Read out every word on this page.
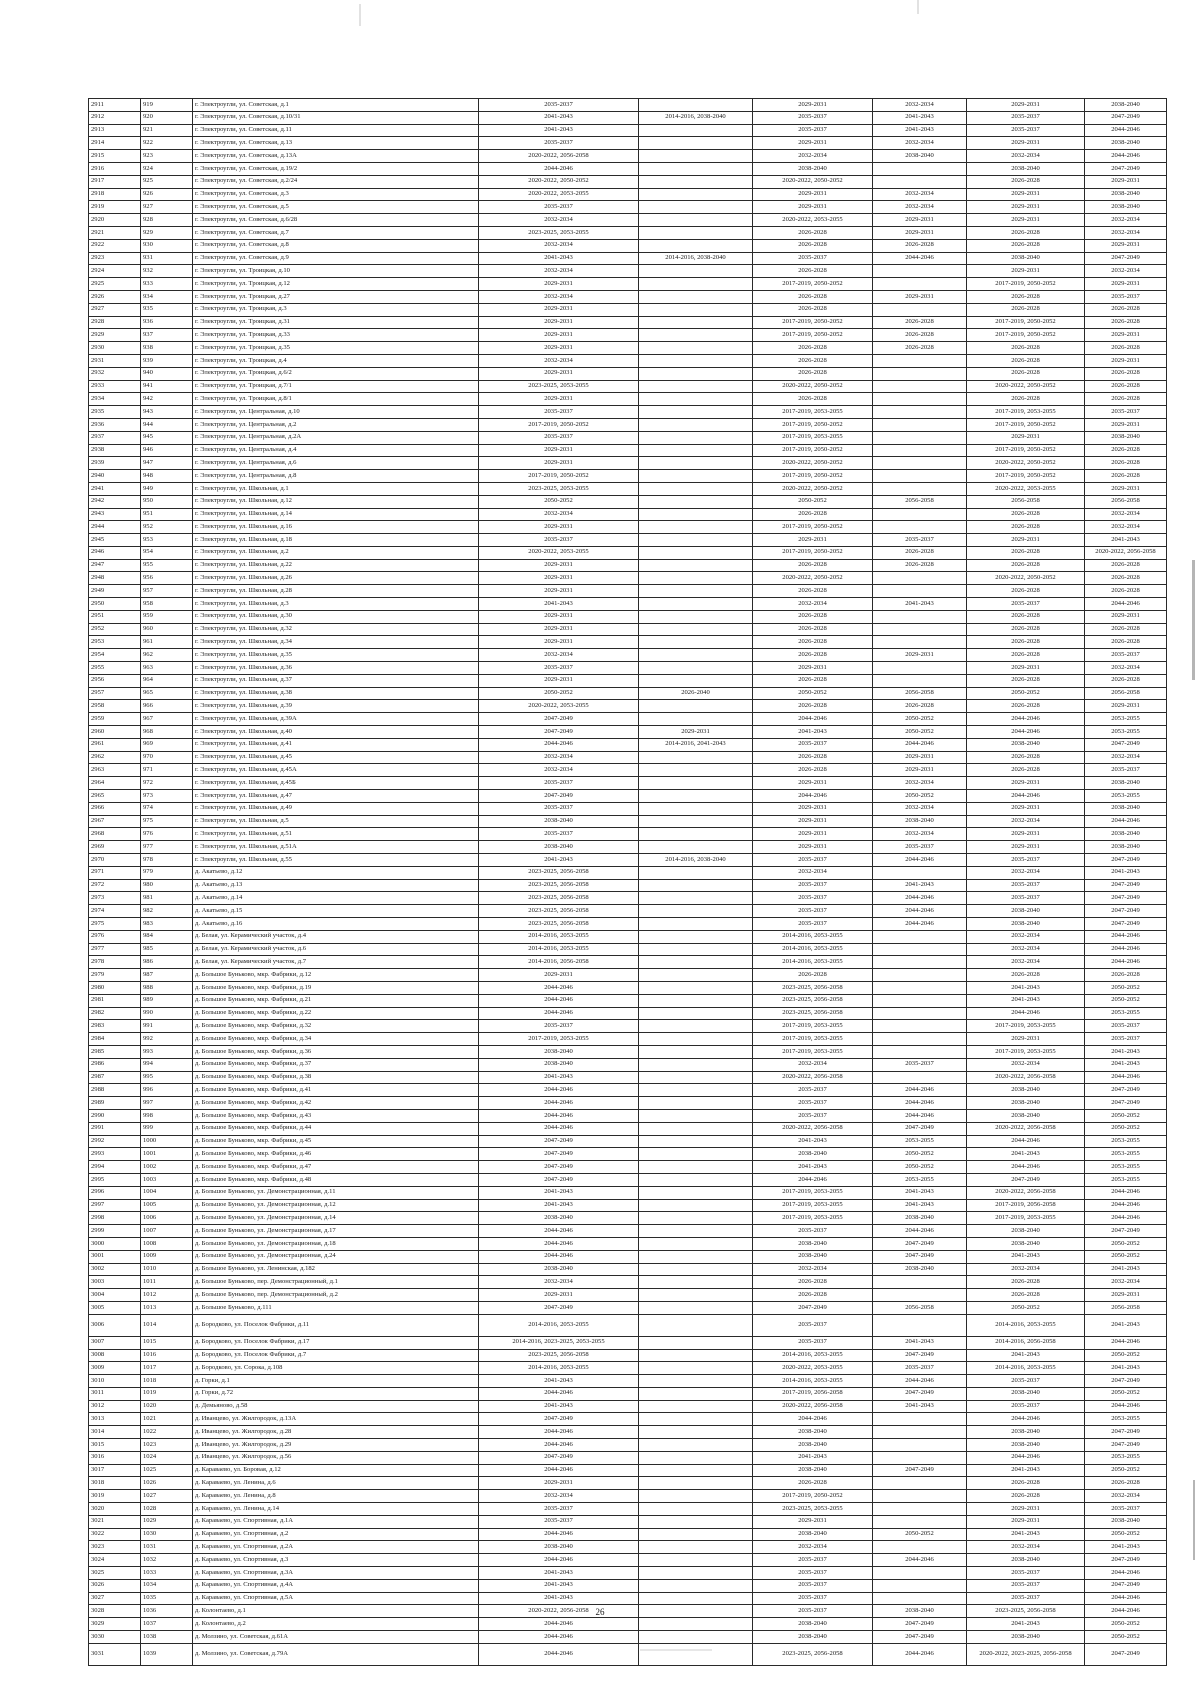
2911	919	г. Электроугли, ул. Советская, д.1	2035-2037		2029-2031	2032-2034	2029-2031	2038-2040
2912	920	г. Электроугли, ул. Советская, д.10/31	2041-2043	2014-2016, 2038-2040	2035-2037	2041-2043	2035-2037	2047-2049
2913	921	г. Электроугли, ул. Советская, д.11	2041-2043		2035-2037	2041-2043	2035-2037	2044-2046
2914	922	г. Электроугли, ул. Советская, д.13	2035-2037		2029-2031	2032-2034	2029-2031	2038-2040
2915	923	г. Электроугли, ул. Советская, д.13А	2020-2022, 2056-2058		2032-2034	2038-2040	2032-2034	2044-2046
2916	924	г. Электроугли, ул. Советская, д.19/2	2044-2046		2038-2040		2038-2040	2047-2049
2917	925	г. Электроугли, ул. Советская, д.2/24	2020-2022, 2050-2052		2020-2022, 2050-2052		2026-2028	2029-2031
2918	926	г. Электроугли, ул. Советская, д.3	2020-2022, 2053-2055		2029-2031	2032-2034	2029-2031	2038-2040
2919	927	г. Электроугли, ул. Советская, д.5	2035-2037		2029-2031	2032-2034	2029-2031	2038-2040
2920	928	г. Электроугли, ул. Советская, д.6/28	2032-2034		2020-2022, 2053-2055	2029-2031	2029-2031	2032-2034
2921	929	г. Электроугли, ул. Советская, д.7	2023-2025, 2053-2055		2026-2028	2029-2031	2026-2028	2032-2034
2922	930	г. Электроугли, ул. Советская, д.8	2032-2034		2026-2028	2026-2028	2026-2028	2029-2031
2923	931	г. Электроугли, ул. Советская, д.9	2041-2043	2014-2016, 2038-2040	2035-2037	2044-2046	2038-2040	2047-2049
2924	932	г. Электроугли, ул. Троицкая, д.10	2032-2034		2026-2028		2029-2031	2032-2034
2925	933	г. Электроугли, ул. Троицкая, д.12	2029-2031		2017-2019, 2050-2052		2017-2019, 2050-2052	2029-2031
2926	934	г. Электроугли, ул. Троицкая, д.27	2032-2034		2026-2028	2029-2031	2026-2028	2035-2037
2927	935	г. Электроугли, ул. Троицкая, д.3	2029-2031		2026-2028		2026-2028	2026-2028
2928	936	г. Электроугли, ул. Троицкая, д.31	2029-2031		2017-2019, 2050-2052	2026-2028	2017-2019, 2050-2052	2026-2028
2929	937	г. Электроугли, ул. Троицкая, д.33	2029-2031		2017-2019, 2050-2052	2026-2028	2017-2019, 2050-2052	2029-2031
2930	938	г. Электроугли, ул. Троицкая, д.35	2029-2031		2026-2028	2026-2028	2026-2028	2026-2028
2931	939	г. Электроугли, ул. Троицкая, д.4	2032-2034		2026-2028		2026-2028	2029-2031
2932	940	г. Электроугли, ул. Троицкая, д.6/2	2029-2031		2026-2028		2026-2028	2026-2028
2933	941	г. Электроугли, ул. Троицкая, д.7/1	2023-2025, 2053-2055		2020-2022, 2050-2052		2020-2022, 2050-2052	2026-2028
2934	942	г. Электроугли, ул. Троицкая, д.8/1	2029-2031		2026-2028		2026-2028	2026-2028
2935	943	г. Электроугли, ул. Центральная, д.10	2035-2037		2017-2019, 2053-2055		2017-2019, 2053-2055	2035-2037
2936	944	г. Электроугли, ул. Центральная, д.2	2017-2019, 2050-2052		2017-2019, 2050-2052		2017-2019, 2050-2052	2029-2031
2937	945	г. Электроугли, ул. Центральная, д.2А	2035-2037		2017-2019, 2053-2055		2029-2031	2038-2040
2938	946	г. Электроугли, ул. Центральная, д.4	2029-2031		2017-2019, 2050-2052		2017-2019, 2050-2052	2026-2028
2939	947	г. Электроугли, ул. Центральная, д.6	2029-2031		2020-2022, 2050-2052		2020-2022, 2050-2052	2026-2028
2940	948	г. Электроугли, ул. Центральная, д.8	2017-2019, 2050-2052		2017-2019, 2050-2052		2017-2019, 2050-2052	2026-2028
2941	949	г. Электроугли, ул. Школьная, д.1	2023-2025, 2053-2055		2020-2022, 2050-2052		2020-2022, 2053-2055	2029-2031
2942	950	г. Электроугли, ул. Школьная, д.12	2050-2052		2050-2052	2056-2058	2056-2058	2056-2058
2943	951	г. Электроугли, ул. Школьная, д.14	2032-2034		2026-2028		2026-2028	2032-2034
2944	952	г. Электроугли, ул. Школьная, д.16	2029-2031		2017-2019, 2050-2052		2026-2028	2032-2034
2945	953	г. Электроугли, ул. Школьная, д.18	2035-2037		2029-2031	2035-2037	2029-2031	2041-2043
2946	954	г. Электроугли, ул. Школьная, д.2	2020-2022, 2053-2055		2017-2019, 2050-2052	2026-2028	2026-2028	2020-2022, 2056-2058
2947	955	г. Электроугли, ул. Школьная, д.22	2029-2031		2026-2028	2026-2028	2026-2028	2026-2028
2948	956	г. Электроугли, ул. Школьная, д.26	2029-2031		2020-2022, 2050-2052		2020-2022, 2050-2052	2026-2028
2949	957	г. Электроугли, ул. Школьная, д.28	2029-2031		2026-2028		2026-2028	2026-2028
2950	958	г. Электроугли, ул. Школьная, д.3	2041-2043		2032-2034	2041-2043	2035-2037	2044-2046
2951	959	г. Электроугли, ул. Школьная, д.30	2029-2031		2026-2028		2026-2028	2029-2031
2952	960	г. Электроугли, ул. Школьная, д.32	2029-2031		2026-2028		2026-2028	2026-2028
2953	961	г. Электроугли, ул. Школьная, д.34	2029-2031		2026-2028		2026-2028	2026-2028
2954	962	г. Электроугли, ул. Школьная, д.35	2032-2034		2026-2028	2029-2031	2026-2028	2035-2037
2955	963	г. Электроугли, ул. Школьная, д.36	2035-2037		2029-2031		2029-2031	2032-2034
2956	964	г. Электроугли, ул. Школьная, д.37	2029-2031		2026-2028		2026-2028	2026-2028
2957	965	г. Электроугли, ул. Школьная, д.38	2050-2052	2026-2040	2050-2052	2056-2058	2050-2052	2056-2058
2958	966	г. Электроугли, ул. Школьная, д.39	2020-2022, 2053-2055		2026-2028	2026-2028	2026-2028	2029-2031
2959	967	г. Электроугли, ул. Школьная, д.39А	2047-2049		2044-2046	2050-2052	2044-2046	2053-2055
2960	968	г. Электроугли, ул. Школьная, д.40	2047-2049	2029-2031	2041-2043	2050-2052	2044-2046	2053-2055
2961	969	г. Электроугли, ул. Школьная, д.41	2044-2046	2014-2016, 2041-2043	2035-2037	2044-2046	2038-2040	2047-2049
2962	970	г. Электроугли, ул. Школьная, д.45	2032-2034		2026-2028	2029-2031	2026-2028	2032-2034
2963	971	г. Электроугли, ул. Школьная, д.45А	2032-2034		2026-2028	2029-2031	2026-2028	2035-2037
2964	972	г. Электроугли, ул. Школьная, д.45Б	2035-2037		2029-2031	2032-2034	2029-2031	2038-2040
2965	973	г. Электроугли, ул. Школьная, д.47	2047-2049		2044-2046	2050-2052	2044-2046	2053-2055
2966	974	г. Электроугли, ул. Школьная, д.49	2035-2037		2029-2031	2032-2034	2029-2031	2038-2040
2967	975	г. Электроугли, ул. Школьная, д.5	2038-2040		2029-2031	2038-2040	2032-2034	2044-2046
2968	976	г. Электроугли, ул. Школьная, д.51	2035-2037		2029-2031	2032-2034	2029-2031	2038-2040
2969	977	г. Электроугли, ул. Школьная, д.51А	2038-2040		2029-2031	2035-2037	2029-2031	2038-2040
2970	978	г. Электроугли, ул. Школьная, д.55	2041-2043	2014-2016, 2038-2040	2035-2037	2044-2046	2035-2037	2047-2049
2971	979	д. Акатьево, д.12	2023-2025, 2056-2058		2032-2034		2032-2034	2041-2043
2972	980	д. Акатьево, д.13	2023-2025, 2056-2058		2035-2037	2041-2043	2035-2037	2047-2049
2973	981	д. Акатьево, д.14	2023-2025, 2056-2058		2035-2037	2044-2046	2035-2037	2047-2049
2974	982	д. Акатьево, д.15	2023-2025, 2056-2058		2035-2037	2044-2046	2038-2040	2047-2049
2975	983	д. Акатьево, д.16	2023-2025, 2056-2058		2035-2037	2044-2046	2038-2040	2047-2049
2976	984	д. Белая, ул. Керамический участок, д.4	2014-2016, 2053-2055		2014-2016, 2053-2055		2032-2034	2044-2046
2977	985	д. Белая, ул. Керамический участок, д.6	2014-2016, 2053-2055		2014-2016, 2053-2055		2032-2034	2044-2046
2978	986	д. Белая, ул. Керамический участок, д.7	2014-2016, 2056-2058		2014-2016, 2053-2055		2032-2034	2044-2046
2979	987	д. Большое Буньково, мкр. Фабрики, д.12	2029-2031		2026-2028		2026-2028	2026-2028
2980	988	д. Большое Буньково, мкр. Фабрики, д.19	2044-2046		2023-2025, 2056-2058		2041-2043	2050-2052
2981	989	д. Большое Буньково, мкр. Фабрики, д.21	2044-2046		2023-2025, 2056-2058		2041-2043	2050-2052
2982	990	д. Большое Буньково, мкр. Фабрики, д.22	2044-2046		2023-2025, 2056-2058		2044-2046	2053-2055
2983	991	д. Большое Буньково, мкр. Фабрики, д.32	2035-2037		2017-2019, 2053-2055		2017-2019, 2053-2055	2035-2037
2984	992	д. Большое Буньково, мкр. Фабрики, д.34	2017-2019, 2053-2055		2017-2019, 2053-2055		2029-2031	2035-2037
2985	993	д. Большое Буньково, мкр. Фабрики, д.36	2038-2040		2017-2019, 2053-2055		2017-2019, 2053-2055	2041-2043
2986	994	д. Большое Буньково, мкр. Фабрики, д.37	2038-2040		2032-2034	2035-2037	2032-2034	2041-2043
2987	995	д. Большое Буньково, мкр. Фабрики, д.38	2041-2043		2020-2022, 2056-2058		2020-2022, 2056-2058	2044-2046
2988	996	д. Большое Буньково, мкр. Фабрики, д.41	2044-2046		2035-2037	2044-2046	2038-2040	2047-2049
2989	997	д. Большое Буньково, мкр. Фабрики, д.42	2044-2046		2035-2037	2044-2046	2038-2040	2047-2049
2990	998	д. Большое Буньково, мкр. Фабрики, д.43	2044-2046		2035-2037	2044-2046	2038-2040	2050-2052
2991	999	д. Большое Буньково, мкр. Фабрики, д.44	2044-2046		2020-2022, 2056-2058	2047-2049	2020-2022, 2056-2058	2050-2052
2992	1000	д. Большое Буньково, мкр. Фабрики, д.45	2047-2049		2041-2043	2053-2055	2044-2046	2053-2055
2993	1001	д. Большое Буньково, мкр. Фабрики, д.46	2047-2049		2038-2040	2050-2052	2041-2043	2053-2055
2994	1002	д. Большое Буньково, мкр. Фабрики, д.47	2047-2049		2041-2043	2050-2052	2044-2046	2053-2055
2995	1003	д. Большое Буньково, мкр. Фабрики, д.48	2047-2049		2044-2046	2053-2055	2047-2049	2053-2055
2996	1004	д. Большое Буньково, ул. Демонстрационная, д.11	2041-2043		2017-2019, 2053-2055	2041-2043	2020-2022, 2056-2058	2044-2046
2997	1005	д. Большое Буньково, ул. Демонстрационная, д.12	2041-2043		2017-2019, 2053-2055	2041-2043	2017-2019, 2056-2058	2044-2046
2998	1006	д. Большое Буньково, ул. Демонстрационная, д.14	2038-2040		2017-2019, 2053-2055	2038-2040	2017-2019, 2053-2055	2044-2046
2999	1007	д. Большое Буньково, ул. Демонстрационная, д.17	2044-2046		2035-2037	2044-2046	2038-2040	2047-2049
3000	1008	д. Большое Буньково, ул. Демонстрационная, д.18	2044-2046		2038-2040	2047-2049	2038-2040	2050-2052
3001	1009	д. Большое Буньково, ул. Демонстрационная, д.24	2044-2046		2038-2040	2047-2049	2041-2043	2050-2052
3002	1010	д. Большое Буньково, ул. Ленинская, д.182	2038-2040		2032-2034	2038-2040	2032-2034	2041-2043
3003	1011	д. Большое Буньково, пер. Демонстрационный, д.1	2032-2034		2026-2028		2026-2028	2032-2034
3004	1012	д. Большое Буньково, пер. Демонстрационный, д.2	2029-2031		2026-2028		2026-2028	2029-2031
3005	1013	д. Большое Буньково, д.111	2047-2049		2047-2049	2056-2058	2050-2052	2056-2058
3006	1014	д. Бородково, ул. Поселок Фабрики, д.11	2014-2016, 2053-2055		2035-2037		2014-2016, 2053-2055	2041-2043
3007	1015	д. Бородково, ул. Поселок Фабрики, д.17	2014-2016, 2023-2025, 2053-2055		2035-2037	2041-2043	2014-2016, 2056-2058	2044-2046
3008	1016	д. Бородково, ул. Поселок Фабрики, д.7	2023-2025, 2056-2058		2014-2016, 2053-2055	2047-2049	2041-2043	2050-2052
3009	1017	д. Бородково, ул. Сорока, д.108	2014-2016, 2053-2055		2020-2022, 2053-2055	2035-2037	2014-2016, 2053-2055	2041-2043
3010	1018	д. Горки, д.1	2041-2043		2014-2016, 2053-2055	2044-2046	2035-2037	2047-2049
3011	1019	д. Горки, д.72	2044-2046		2017-2019, 2056-2058	2047-2049	2038-2040	2050-2052
3012	1020	д. Демьяново, д.58	2041-2043		2020-2022, 2056-2058	2041-2043	2035-2037	2044-2046
3013	1021	д. Иванцево, ул. Жилгородок, д.13А	2047-2049		2044-2046		2044-2046	2053-2055
3014	1022	д. Иванцево, ул. Жилгородок, д.28	2044-2046		2038-2040		2038-2040	2047-2049
3015	1023	д. Иванцево, ул. Жилгородок, д.29	2044-2046		2038-2040		2038-2040	2047-2049
3016	1024	д. Иванцево, ул. Жилгородок, д.56	2047-2049		2041-2043		2044-2046	2053-2055
3017	1025	д. Караваево, ул. Боровая, д.12	2044-2046		2038-2040	2047-2049	2041-2043	2050-2052
3018	1026	д. Караваево, ул. Ленина, д.6	2029-2031		2026-2028		2026-2028	2026-2028
3019	1027	д. Караваево, ул. Ленина, д.8	2032-2034		2017-2019, 2050-2052		2026-2028	2032-2034
3020	1028	д. Караваево, ул. Ленина, д.14	2035-2037		2023-2025, 2053-2055		2029-2031	2035-2037
3021	1029	д. Караваево, ул. Спортивная, д.1А	2035-2037		2029-2031		2029-2031	2038-2040
3022	1030	д. Караваево, ул. Спортивная, д.2	2044-2046		2038-2040	2050-2052	2041-2043	2050-2052
3023	1031	д. Караваево, ул. Спортивная, д.2А	2038-2040		2032-2034		2032-2034	2041-2043
3024	1032	д. Караваево, ул. Спортивная, д.3	2044-2046		2035-2037	2044-2046	2038-2040	2047-2049
3025	1033	д. Караваево, ул. Спортивная, д.3А	2041-2043		2035-2037		2035-2037	2044-2046
3026	1034	д. Караваево, ул. Спортивная, д.4А	2041-2043		2035-2037		2035-2037	2047-2049
3027	1035	д. Караваево, ул. Спортивная, д.5А	2041-2043		2035-2037		2035-2037	2044-2046
3028	1036	д. Колонтаево, д.1	2020-2022, 2056-2058		2035-2037	2038-2040	2023-2025, 2056-2058	2044-2046
3029	1037	д. Колонтаево, д.2	2044-2046		2038-2040	2047-2049	2041-2043	2050-2052
3030	1038	д. Молзино, ул. Советская, д.61А	2044-2046		2038-2040	2047-2049	2038-2040	2050-2052
3031	1039	д. Молзино, ул. Советская, д.79А	2044-2046		2023-2025, 2056-2058	2044-2046	2020-2022, 2023-2025, 2056-2058	2047-2049
26
